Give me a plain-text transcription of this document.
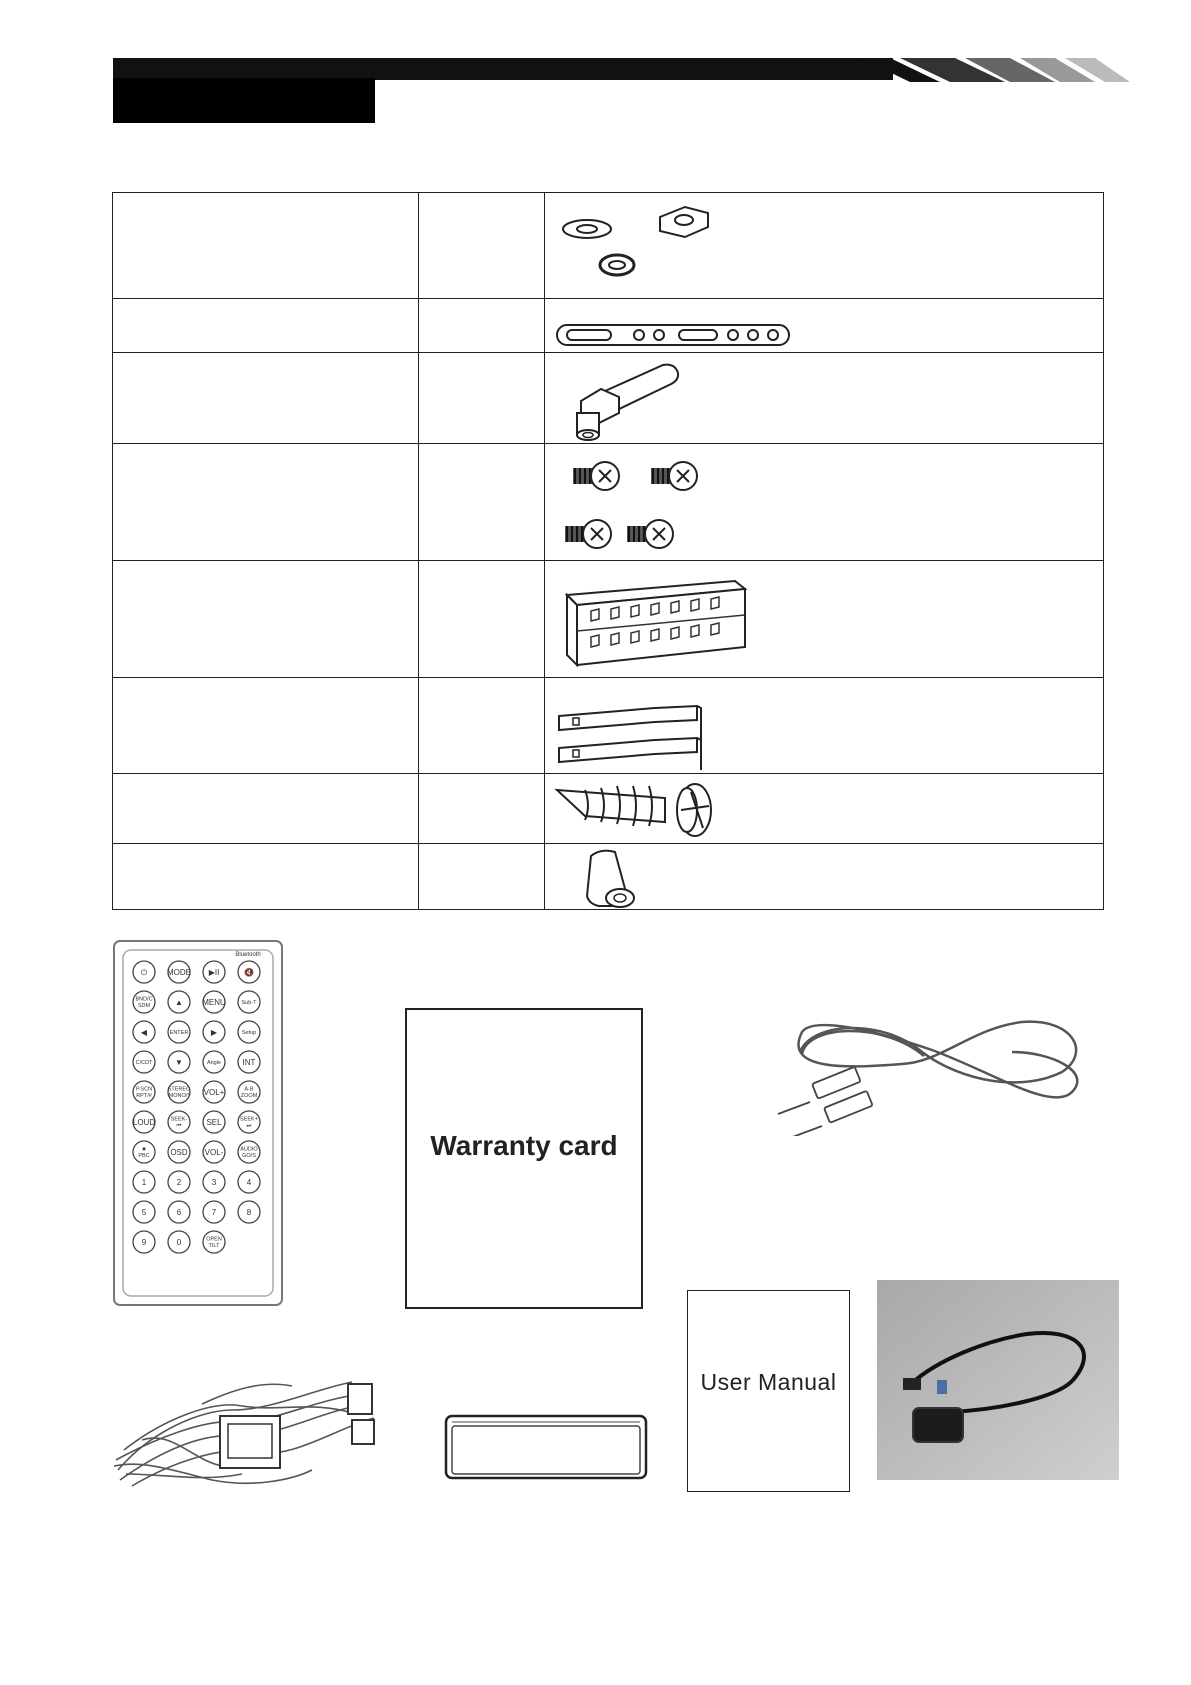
Bluetooth
⏻ MODE ▶II	🔇
BND/C
SDM	▲ MENU	Sub-T
◀	ENTER	▶	Setup
C/CDT	▼	Angle	INT
P.SCN
RPT/#
STEREO
MONO/* VOL+	A-B
ZOOM
LOUD	SEEK-
⏮	SEL	SEEK+
⏭
■
PBC	OSD VOL-	AUDIO
GO/S
1	2	3	4
5	6	7	8
9	0	OPEN
TILT
Warranty card
User Manual
